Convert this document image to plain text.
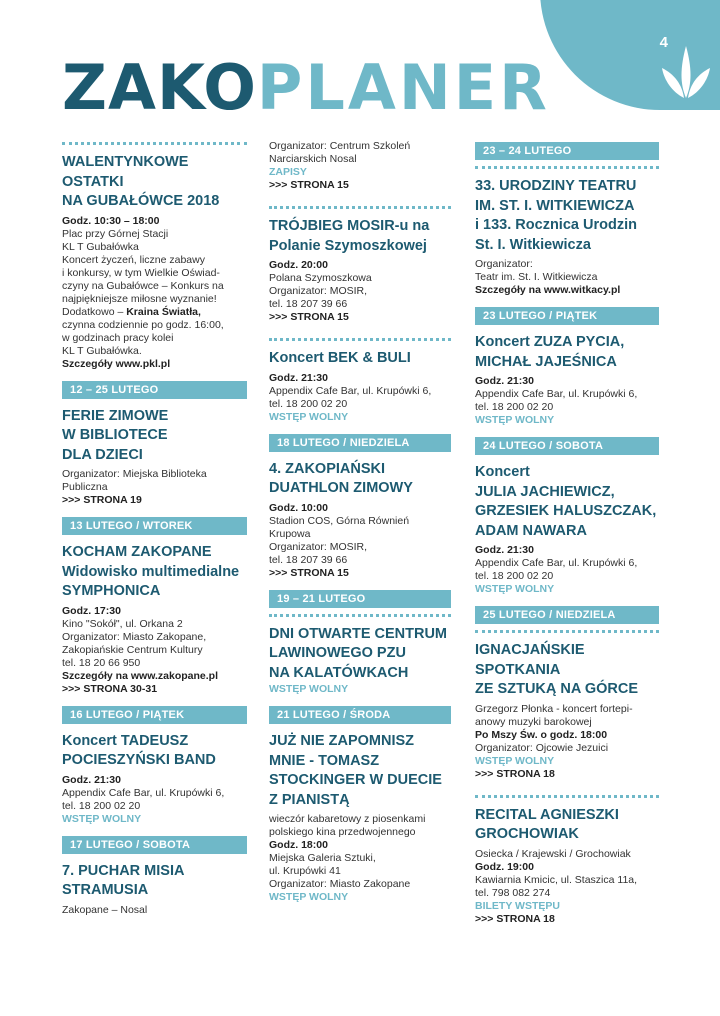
4
ZAKOPLANER
WALENTYNKOWE
OSTATKI
NA GUBAŁÓWCE 2018
Godz. 10:30 – 18:00
Plac przy Górnej Stacji
KL T Gubałówka
Koncert życzeń, liczne zabawy
i konkursy, w tym Wielkie Oświad-
czyny na Gubałówce – Konkurs na
najpiękniejsze miłosne wyznanie!
Dodatkowo – Kraina Światła,
czynna codziennie po godz. 16:00,
w godzinach pracy kolei
KL T Gubałówka.
Szczegóły www.pkl.pl
12 – 25 LUTEGO
FERIE ZIMOWE
W BIBLIOTECE
DLA DZIECI
Organizator: Miejska Biblioteka
Publiczna
>>> STRONA 19
13 LUTEGO / WTOREK
KOCHAM ZAKOPANE
Widowisko multimedialne
SYMPHONICA
Godz. 17:30
Kino "Sokół", ul. Orkana 2
Organizator: Miasto Zakopane,
Zakopiańskie Centrum Kultury
tel. 18 20 66 950
Szczegóły na www.zakopane.pl
>>> STRONA 30-31
16 LUTEGO / PIĄTEK
Koncert TADEUSZ
POCIESZYŃSKI BAND
Godz. 21:30
Appendix Cafe Bar, ul. Krupówki 6,
tel. 18 200 02 20
WSTĘP WOLNY
17 LUTEGO / SOBOTA
7. PUCHAR MISIA
STRAMUSIA
Zakopane – Nosal
Organizator: Centrum Szkoleń
Narciarskich Nosal
ZAPISY
>>> STRONA 15
TRÓJBIEG MOSIR-u na
Polanie Szymoszkowej
Godz. 20:00
Polana Szymoszkowa
Organizator: MOSIR,
tel. 18 207 39 66
>>> STRONA 15
Koncert BEK & BULI
Godz. 21:30
Appendix Cafe Bar, ul. Krupówki 6,
tel. 18 200 02 20
WSTĘP WOLNY
18 LUTEGO / NIEDZIELA
4. ZAKOPIAŃSKI
DUATHLON ZIMOWY
Godz. 10:00
Stadion COS, Górna Równień
Krupowa
Organizator: MOSIR,
tel. 18 207 39 66
>>> STRONA 15
19 – 21 LUTEGO
DNI OTWARTE CENTRUM
LAWINOWEGO PZU
NA KALATÓWKACH
WSTĘP WOLNY
21 LUTEGO / ŚRODA
JUŻ NIE ZAPOMNISZ
MNIE - TOMASZ
STOCKINGER W DUECIE
Z PIANISTĄ
wieczór kabaretowy z piosenkami
polskiego kina przedwojennego
Godz. 18:00
Miejska Galeria Sztuki,
ul. Krupówki 41
Organizator: Miasto Zakopane
WSTĘP WOLNY
23 – 24 LUTEGO
33. URODZINY TEATRU
IM. ST. I. WITKIEWICZA
i 133. Rocznica Urodzin
St. I. Witkiewicza
Organizator:
Teatr im. St. I. Witkiewicza
Szczegóły na www.witkacy.pl
23 LUTEGO / PIĄTEK
Koncert ZUZA PYCIA,
MICHAŁ JAJEŚNICA
Godz. 21:30
Appendix Cafe Bar, ul. Krupówki 6,
tel. 18 200 02 20
WSTĘP WOLNY
24 LUTEGO / SOBOTA
Koncert
JULIA JACHIEWICZ,
GRZESIEK HALUSZCZAK,
ADAM NAWARA
Godz. 21:30
Appendix Cafe Bar, ul. Krupówki 6,
tel. 18 200 02 20
WSTĘP WOLNY
25 LUTEGO / NIEDZIELA
IGNACJAŃSKIE
SPOTKANIA
ZE SZTUKĄ NA GÓRCE
Grzegorz Płonka - koncert fortepi-
anowy muzyki barokowej
Po Mszy Św. o godz. 18:00
Organizator: Ojcowie Jezuici
WSTĘP WOLNY
>>> STRONA 18
RECITAL AGNIESZKI
GROCHOWIAK
Osiecka / Krajewski / Grochowiak
Godz. 19:00
Kawiarnia Kmicic, ul. Staszica 11a,
tel. 798 082 274
BILETY WSTĘPU
>>> STRONA 18
